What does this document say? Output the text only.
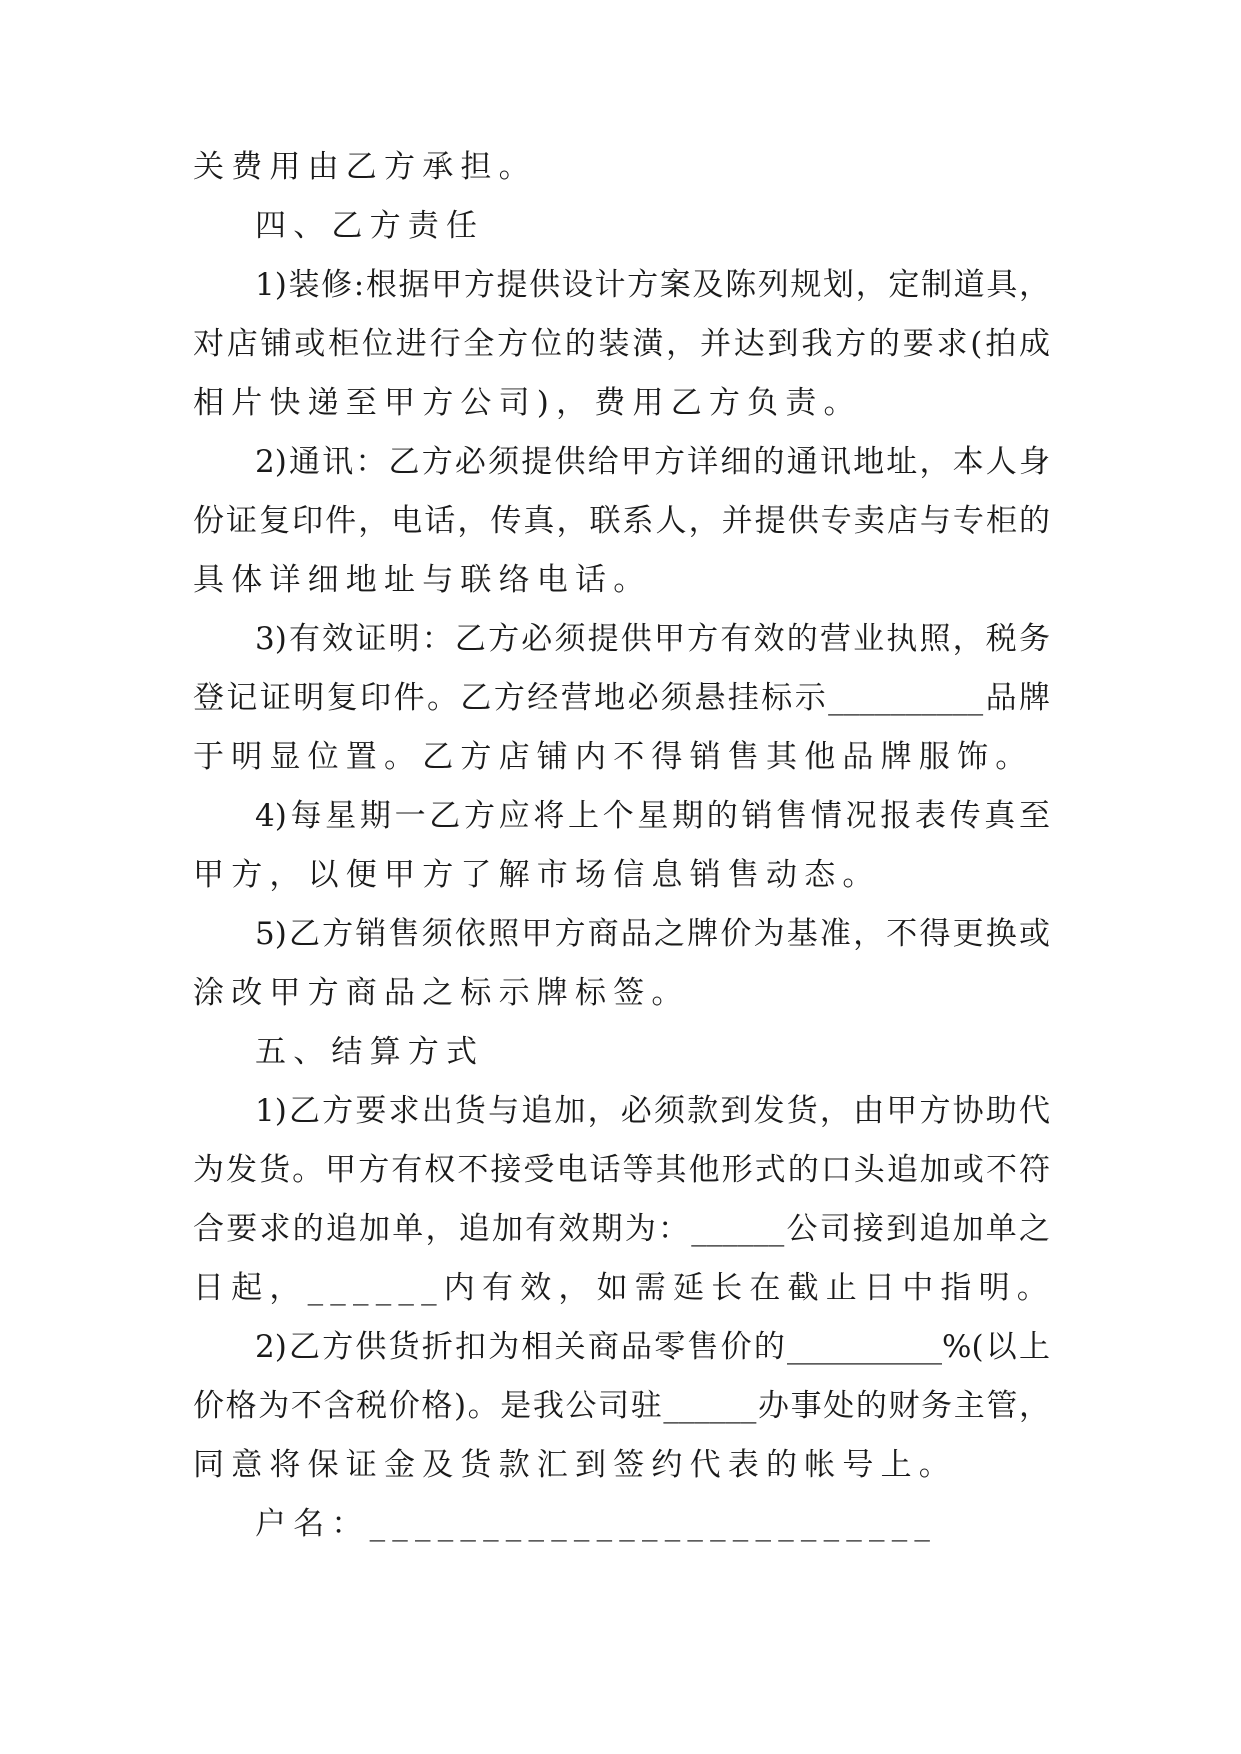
关费用由乙方承担。
四、乙方责任
1)装修:根据甲方提供设计方案及陈列规划，定制道具，
对店铺或柜位进行全方位的装潢，并达到我方的要求(拍成
相片快递至甲方公司)，费用乙方负责。
2)通讯：乙方必须提供给甲方详细的通讯地址，本人身
份证复印件，电话，传真，联系人，并提供专卖店与专柜的
具体详细地址与联络电话。
3)有效证明：乙方必须提供甲方有效的营业执照，税务
登记证明复印件。乙方经营地必须悬挂标示__________品牌
于明显位置。乙方店铺内不得销售其他品牌服饰。
4)每星期一乙方应将上个星期的销售情况报表传真至
甲方，以便甲方了解市场信息销售动态。
5)乙方销售须依照甲方商品之牌价为基准，不得更换或
涂改甲方商品之标示牌标签。
五、结算方式
1)乙方要求出货与追加，必须款到发货，由甲方协助代
为发货。甲方有权不接受电话等其他形式的口头追加或不符
合要求的追加单，追加有效期为：______公司接到追加单之
日起，______内有效，如需延长在截止日中指明。
2)乙方供货折扣为相关商品零售价的__________%(以上
价格为不含税价格)。是我公司驻______办事处的财务主管，
同意将保证金及货款汇到签约代表的帐号上。
户名：_________________________
